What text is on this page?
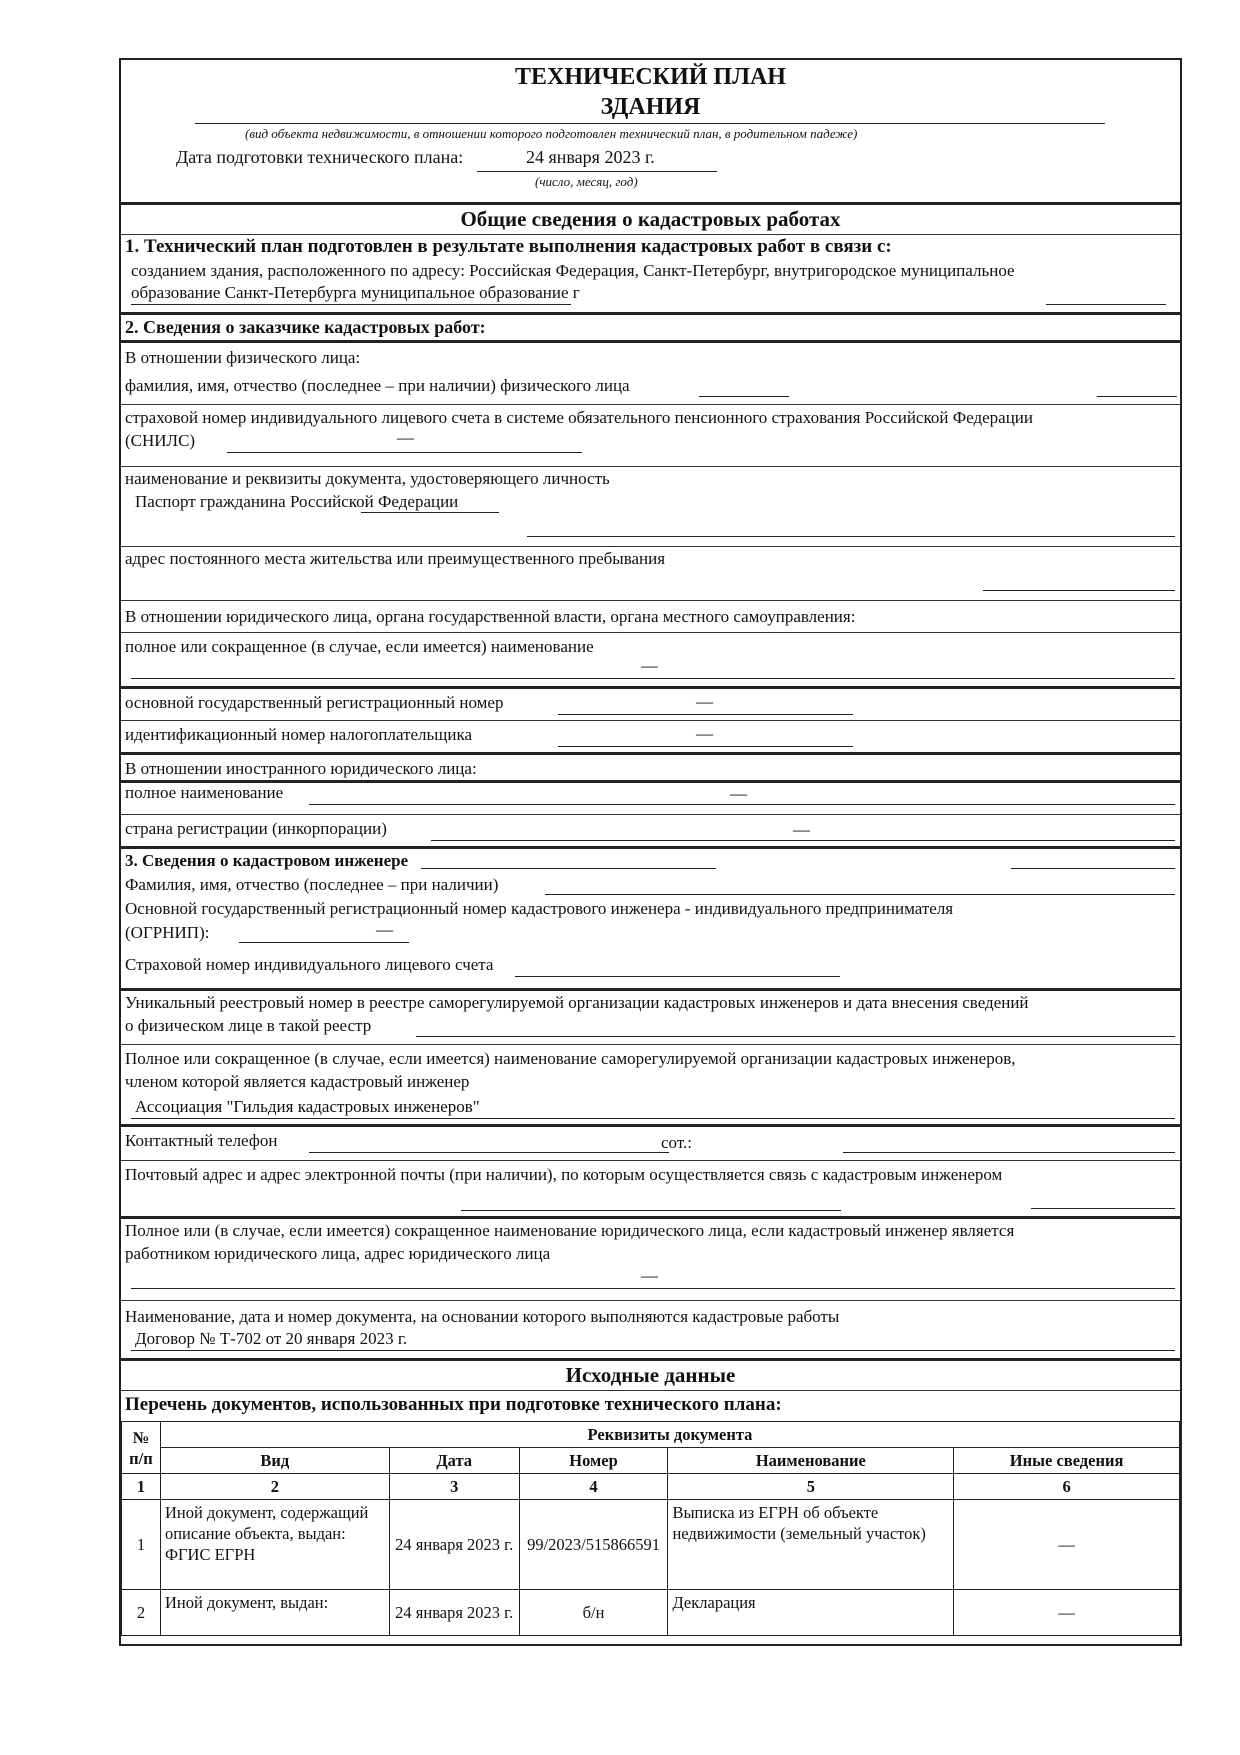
ТЕХНИЧЕСКИЙ ПЛАН
ЗДАНИЯ
(вид объекта недвижимости, в отношении которого подготовлен технический план, в родительном падеже)
Дата подготовки технического плана:	24 января 2023 г.
(число, месяц, год)
Общие сведения о кадастровых работах
1. Технический план подготовлен в результате выполнения кадастровых работ в связи с:
созданием здания, расположенного по адресу: Российская Федерация, Санкт-Петербург, внутригородское муниципальное
образование Санкт-Петербурга муниципальное образование г
2. Сведения о заказчике кадастровых работ:
В отношении физического лица:
фамилия, имя, отчество (последнее – при наличии) физического лица
страховой номер индивидуального лицевого счета в системе обязательного пенсионного страхования Российской Федерации
(СНИЛС)	—
наименование и реквизиты документа, удостоверяющего личность
Паспорт гражданина Российской Федерации
адрес постоянного места жительства или преимущественного пребывания
В отношении юридического лица, органа государственной власти, органа местного самоуправления:
полное или сокращенное (в случае, если имеется) наименование
—
основной государственный регистрационный номер	—
идентификационный номер налогоплательщика	—
В отношении иностранного юридического лица:
полное наименование	—
страна регистрации (инкорпорации)	—
3. Сведения о кадастровом инженере
Фамилия, имя, отчество (последнее – при наличии)
Основной государственный регистрационный номер кадастрового инженера - индивидуального предпринимателя
(ОГРНИП):	—
Страховой номер индивидуального лицевого счета
Уникальный реестровый номер в реестре саморегулируемой организации кадастровых инженеров и дата внесения сведений
о физическом лице в такой реестр
Полное или сокращенное (в случае, если имеется) наименование саморегулируемой организации кадастровых инженеров,
членом которой является кадастровый инженер
Ассоциация "Гильдия кадастровых инженеров"
Контактный телефон	сот.:
Почтовый адрес и адрес электронной почты (при наличии), по которым осуществляется связь с кадастровым инженером
Полное или (в случае, если имеется) сокращенное наименование юридического лица, если кадастровый инженер является
работником юридического лица, адрес юридического лица
—
Наименование, дата и номер документа, на основании которого выполняются кадастровые работы
Договор № Т-702 от 20 января 2023 г.
Исходные данные
Перечень документов, использованных при подготовке технического плана:
№ п/п	Реквизиты документа				
	Вид	Дата	Номер	Наименование	Иные сведения
1	2	3	4	5	6
1	Иной документ, содержащий описание объекта, выдан: ФГИС ЕГРН	24 января 2023 г.	99/2023/515866591	Выписка из ЕГРН об объекте недвижимости (земельный участок)	—
2	Иной документ, выдан:	24 января 2023 г.	б/н	Декларация	—
